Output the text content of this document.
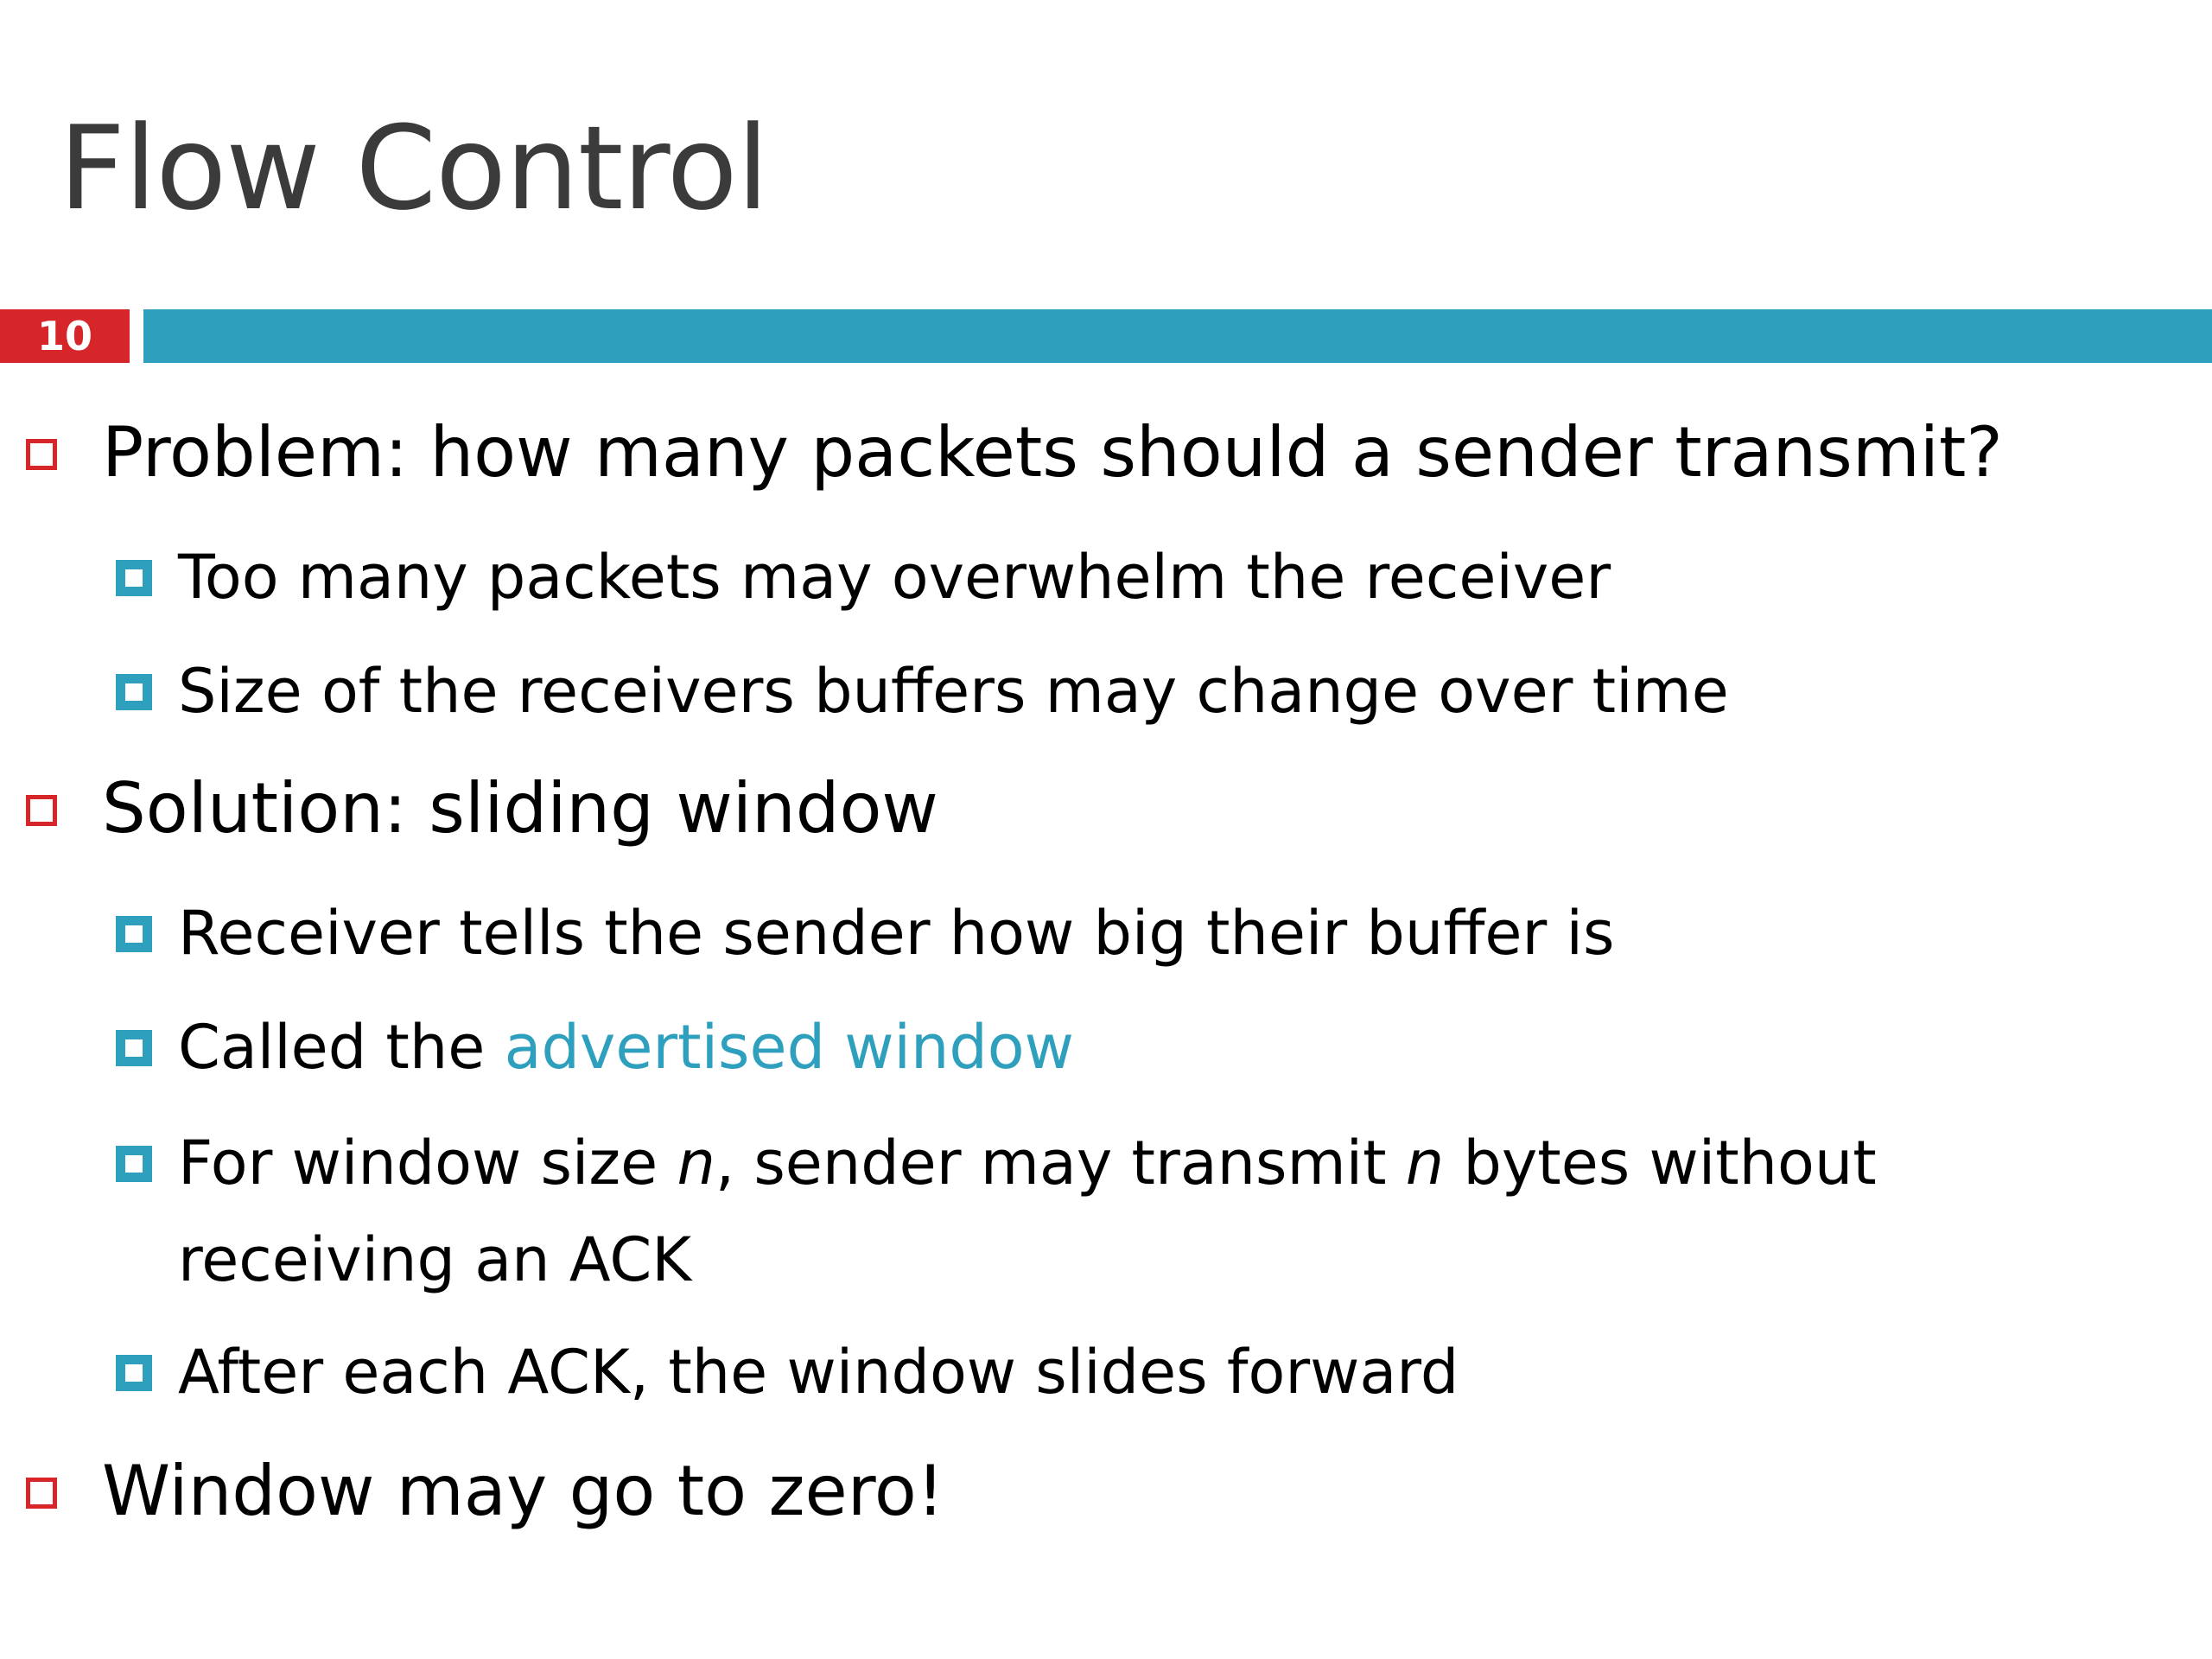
Flow Control
10
Problem: how many packets should a sender transmit?
Too many packets may overwhelm the receiver
Size of the receivers buffers may change over time
Solution: sliding window
Receiver tells the sender how big their buffer is
Called the advertised window
For window size n, sender may transmit n bytes without receiving an ACK
After each ACK, the window slides forward
Window may go to zero!
